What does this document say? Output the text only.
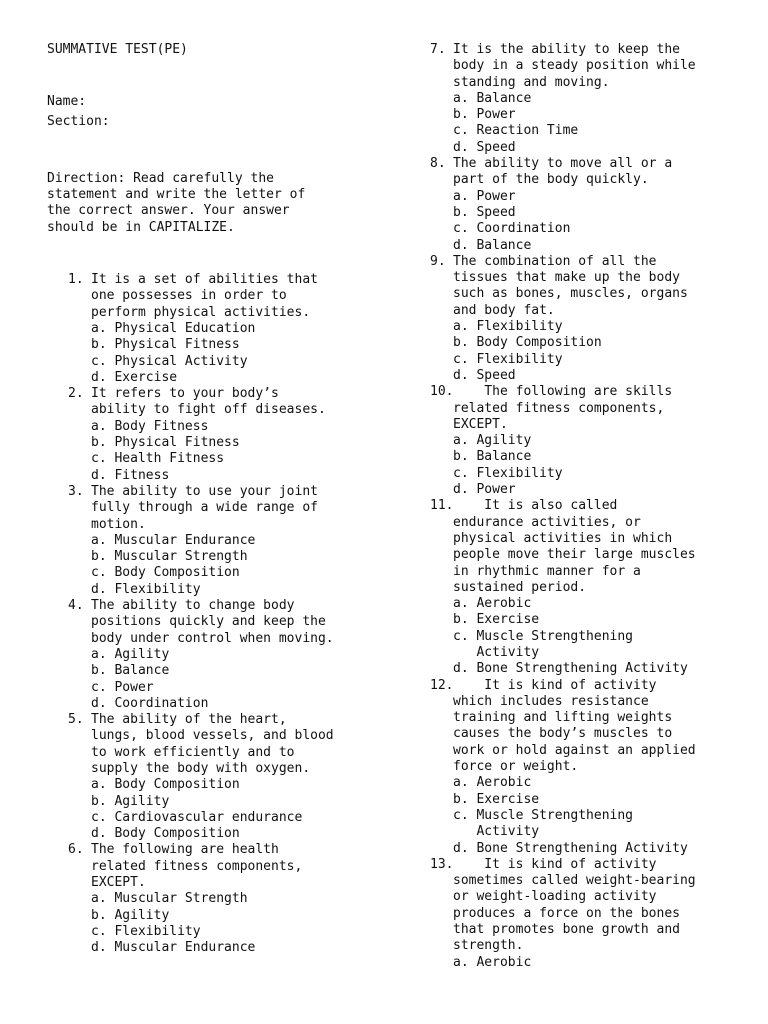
SUMMATIVE TEST(PE)
Name:
Section:
Direction: Read carefully the
statement and write the letter of
the correct answer. Your answer
should be in CAPITALIZE.
1. It is a set of abilities that
one possesses in order to
perform physical activities.
a. Physical Education
b. Physical Fitness
c. Physical Activity
d. Exercise
2. It refers to your body’s
ability to fight off diseases.
a. Body Fitness
b. Physical Fitness
c. Health Fitness
d. Fitness
3. The ability to use your joint
fully through a wide range of
motion.
a. Muscular Endurance
b. Muscular Strength
c. Body Composition
d. Flexibility
4. The ability to change body
positions quickly and keep the
body under control when moving.
a. Agility
b. Balance
c. Power
d. Coordination
5. The ability of the heart,
lungs, blood vessels, and blood
to work efficiently and to
supply the body with oxygen.
a. Body Composition
b. Agility
c. Cardiovascular endurance
d. Body Composition
6. The following are health
related fitness components,
EXCEPT.
a. Muscular Strength
b. Agility
c. Flexibility
d. Muscular Endurance
7. It is the ability to keep the
body in a steady position while
standing and moving.
a. Balance
b. Power
c. Reaction Time
d. Speed
8. The ability to move all or a
part of the body quickly.
a. Power
b. Speed
c. Coordination
d. Balance
9. The combination of all the
tissues that make up the body
such as bones, muscles, organs
and body fat.
a. Flexibility
b. Body Composition
c. Flexibility
d. Speed
10. The following are skills
related fitness components,
EXCEPT.
a. Agility
b. Balance
c. Flexibility
d. Power
11. It is also called
endurance activities, or
physical activities in which
people move their large muscles
in rhythmic manner for a
sustained period.
a. Aerobic
b. Exercise
c. Muscle Strengthening
Activity
d. Bone Strengthening Activity
12. It is kind of activity
which includes resistance
training and lifting weights
causes the body’s muscles to
work or hold against an applied
force or weight.
a. Aerobic
b. Exercise
c. Muscle Strengthening
Activity
d. Bone Strengthening Activity
13. It is kind of activity
sometimes called weight-bearing
or weight-loading activity
produces a force on the bones
that promotes bone growth and
strength.
a. Aerobic
